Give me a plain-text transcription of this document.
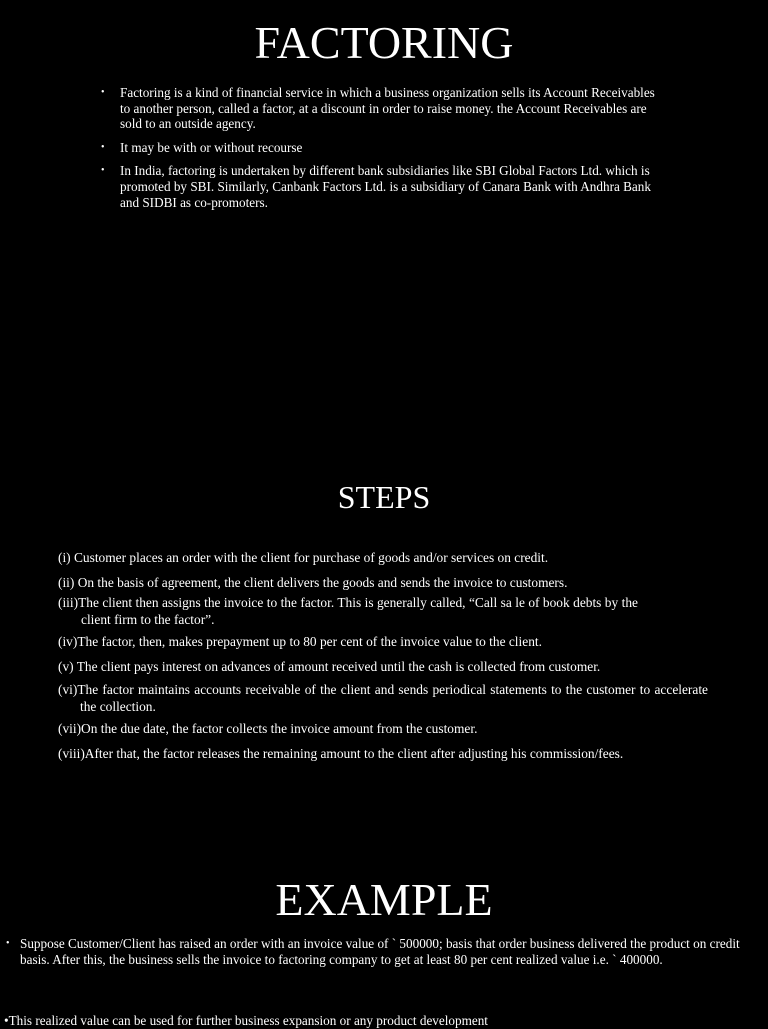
FACTORING
• Factoring is a kind of financial service in which a business organization sells its Account Receivables to another person, called a factor, at a discount in order to raise money. the Account Receivables are sold to an outside agency.
• It may be with or without recourse
• In India, factoring is undertaken by different bank subsidiaries like SBI Global Factors Ltd. which is promoted by SBI. Similarly, Canbank Factors Ltd. is a subsidiary of Canara Bank with Andhra Bank and SIDBI as co-promoters.
STEPS
(i) Customer places an order with the client for purchase of goods and/or services on credit.
(ii) On the basis of agreement, the client delivers the goods and sends the invoice to customers.
(iii)The client then assigns the invoice to the factor. This is generally called, “Call sa le of book debts by the client firm to the factor”.
(iv)The factor, then, makes prepayment up to 80 per cent of the invoice value to the client.
(v) The client pays interest on advances of amount received until the cash is collected from customer.
(vi)The factor maintains accounts receivable of the client and sends periodical statements to the customer to accelerate the collection.
(vii)On the due date, the factor collects the invoice amount from the customer.
(viii)After that, the factor releases the remaining amount to the client after adjusting his commission/fees.
EXAMPLE
• Suppose Customer/Client has raised an order with an invoice value of ` 500000; basis that order business delivered the product on credit basis. After this, the business sells the invoice to factoring company to get at least 80 per cent realized value i.e. ` 400000.
•This realized value can be used for further business expansion or any product development
